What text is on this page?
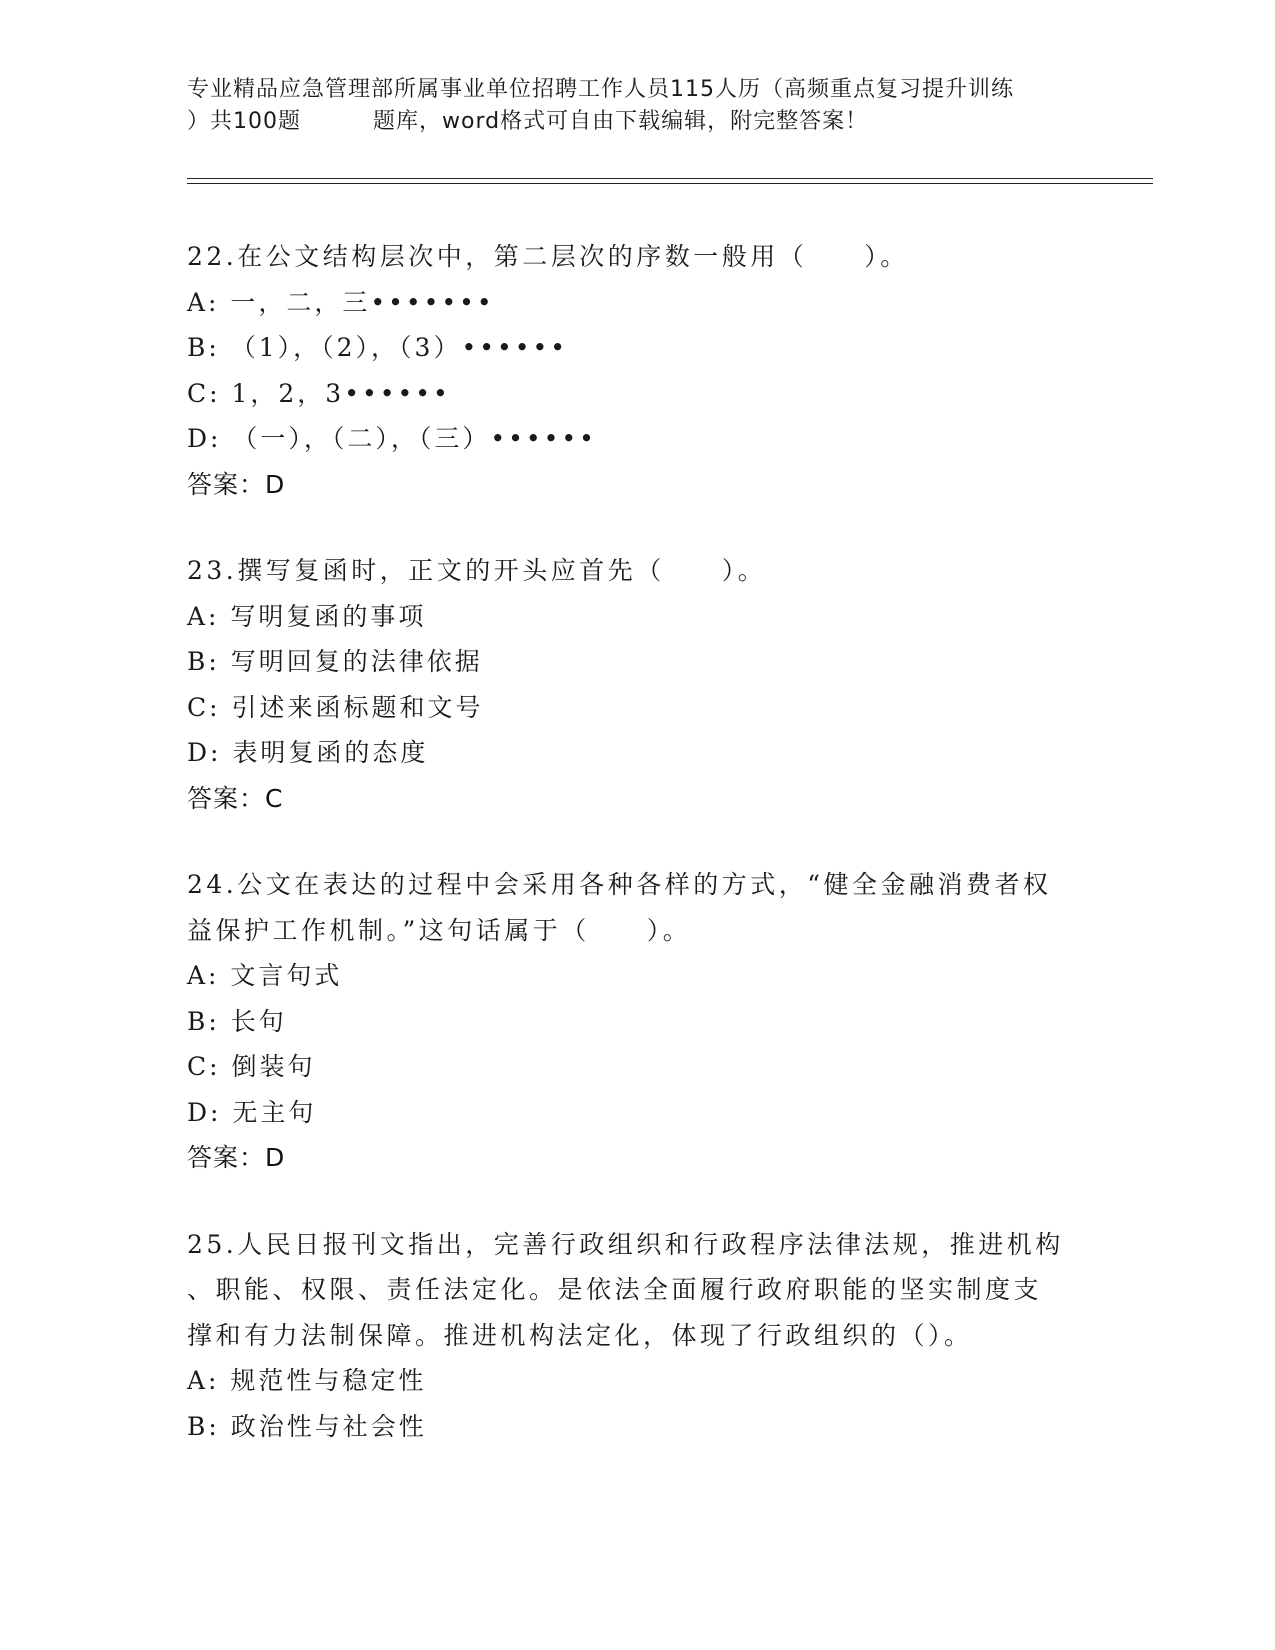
专业精品应急管理部所属事业单位招聘工作人员115人历（高频重点复习提升训练
）共100题	题库，word格式可自由下载编辑，附完整答案！
22.在公文结构层次中，第二层次的序数一般用（　　）。
A: 一，二，三•••••••
B: （1），（2），（3）••••••
C: 1，2，3••••••
D: （一），（二），（三）••••••
答案：D
23.撰写复函时，正文的开头应首先（　　）。
A: 写明复函的事项
B: 写明回复的法律依据
C: 引述来函标题和文号
D: 表明复函的态度
答案：C
24.公文在表达的过程中会采用各种各样的方式，“健全金融消费者权
益保护工作机制。”这句话属于（　　）。
A: 文言句式
B: 长句
C: 倒装句
D: 无主句
答案：D
25.人民日报刊文指出，完善行政组织和行政程序法律法规，推进机构
、职能、权限、责任法定化。是依法全面履行政府职能的坚实制度支
撑和有力法制保障。推进机构法定化，体现了行政组织的（）。
A: 规范性与稳定性
B: 政治性与社会性
